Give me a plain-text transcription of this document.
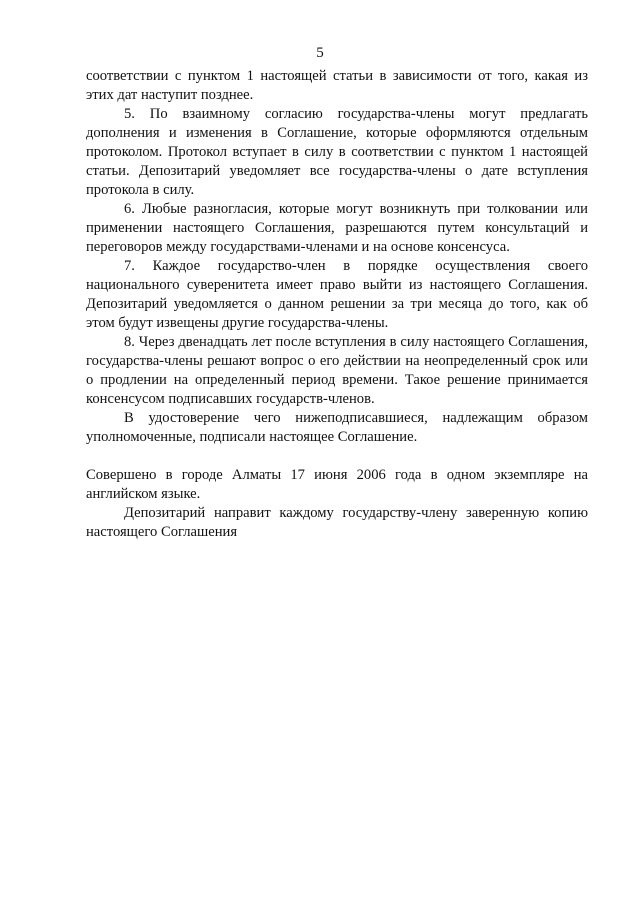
5

соответствии с пунктом 1 настоящей статьи в зависимости от того, какая из этих дат наступит позднее.

5. По взаимному согласию государства-члены могут предлагать дополнения и изменения в Соглашение, которые оформляются отдельным протоколом. Протокол вступает в силу в соответствии с пунктом 1 настоящей статьи. Депозитарий уведомляет все государства-члены о дате вступления протокола в силу.

6. Любые разногласия, которые могут возникнуть при толковании или применении настоящего Соглашения, разрешаются путем консультаций и переговоров между государствами-членами и на основе консенсуса.

7. Каждое государство-член в порядке осуществления своего национального суверенитета имеет право выйти из настоящего Соглашения. Депозитарий уведомляется о данном решении за три месяца до того, как об этом будут извещены другие государства-члены.

8. Через двенадцать лет после вступления в силу настоящего Соглашения, государства-члены решают вопрос о его действии на неопределенный срок или о продлении на определенный период времени. Такое решение принимается консенсусом подписавших государств-членов.

В удостоверение чего нижеподписавшиеся, надлежащим образом уполномоченные, подписали настоящее Соглашение.

Совершено в городе Алматы 17 июня 2006 года в одном экземпляре на английском языке.

Депозитарий направит каждому государству-члену заверенную копию настоящего Соглашения
